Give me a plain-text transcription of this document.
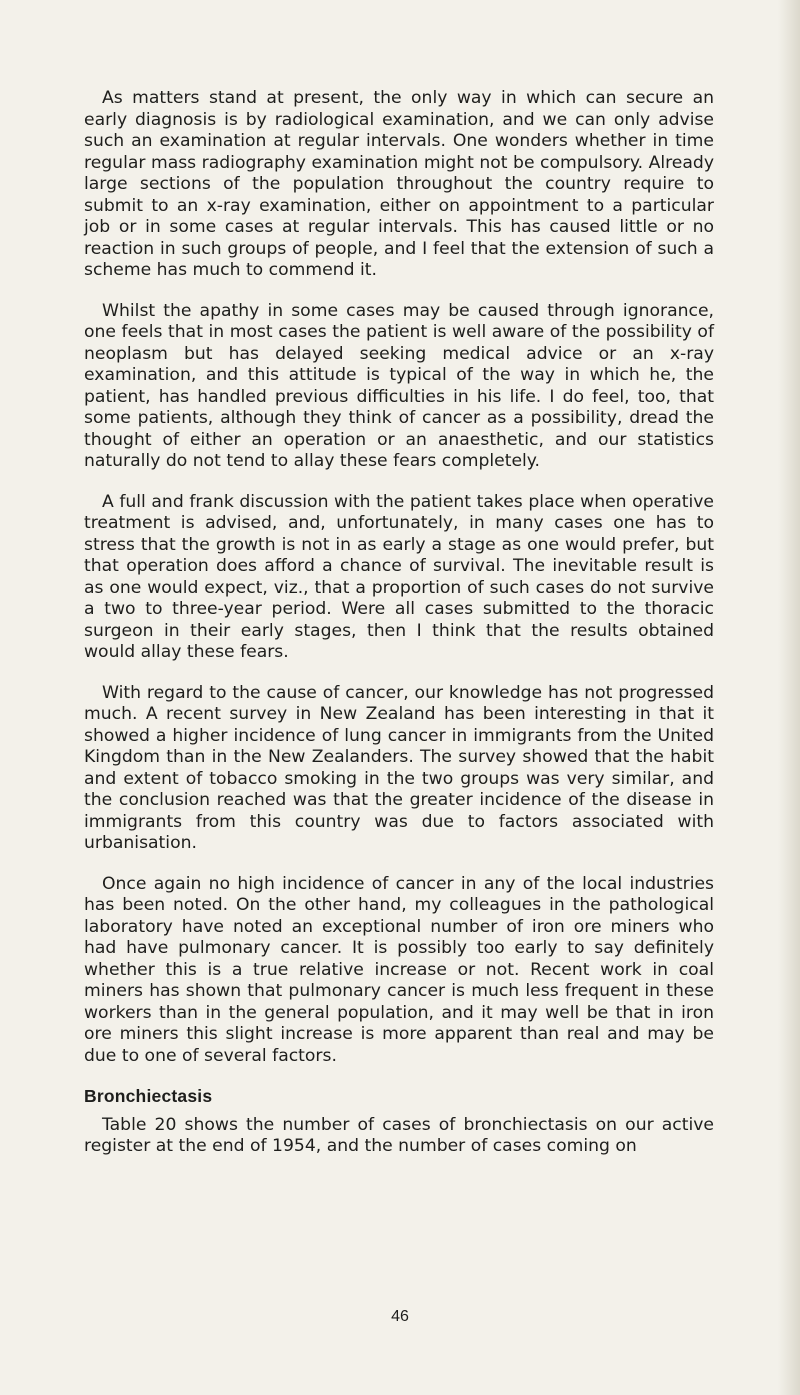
As matters stand at present, the only way in which can secure an early diagnosis is by radiological examination, and we can only advise such an examination at regular intervals. One wonders whether in time regular mass radiography examination might not be compulsory. Already large sections of the population throughout the country require to submit to an x-ray examination, either on appointment to a particular job or in some cases at regular intervals. This has caused little or no reaction in such groups of people, and I feel that the extension of such a scheme has much to commend it.

Whilst the apathy in some cases may be caused through ignorance, one feels that in most cases the patient is well aware of the possibility of neoplasm but has delayed seeking medical advice or an x-ray examination, and this attitude is typical of the way in which he, the patient, has handled previous difficulties in his life. I do feel, too, that some patients, although they think of cancer as a possibility, dread the thought of either an operation or an anaesthetic, and our statistics naturally do not tend to allay these fears completely.

A full and frank discussion with the patient takes place when operative treatment is advised, and, unfortunately, in many cases one has to stress that the growth is not in as early a stage as one would prefer, but that operation does afford a chance of survival. The inevitable result is as one would expect, viz., that a proportion of such cases do not survive a two to three-year period. Were all cases submitted to the thoracic surgeon in their early stages, then I think that the results obtained would allay these fears.

With regard to the cause of cancer, our knowledge has not progressed much. A recent survey in New Zealand has been interesting in that it showed a higher incidence of lung cancer in immigrants from the United Kingdom than in the New Zealanders. The survey showed that the habit and extent of tobacco smoking in the two groups was very similar, and the conclusion reached was that the greater incidence of the disease in immigrants from this country was due to factors associated with urbanisation.

Once again no high incidence of cancer in any of the local industries has been noted. On the other hand, my colleagues in the pathological laboratory have noted an exceptional number of iron ore miners who had have pulmonary cancer. It is possibly too early to say definitely whether this is a true relative increase or not. Recent work in coal miners has shown that pulmonary cancer is much less frequent in these workers than in the general population, and it may well be that in iron ore miners this slight increase is more apparent than real and may be due to one of several factors.

Bronchiectasis

Table 20 shows the number of cases of bronchiectasis on our active register at the end of 1954, and the number of cases coming on

46
